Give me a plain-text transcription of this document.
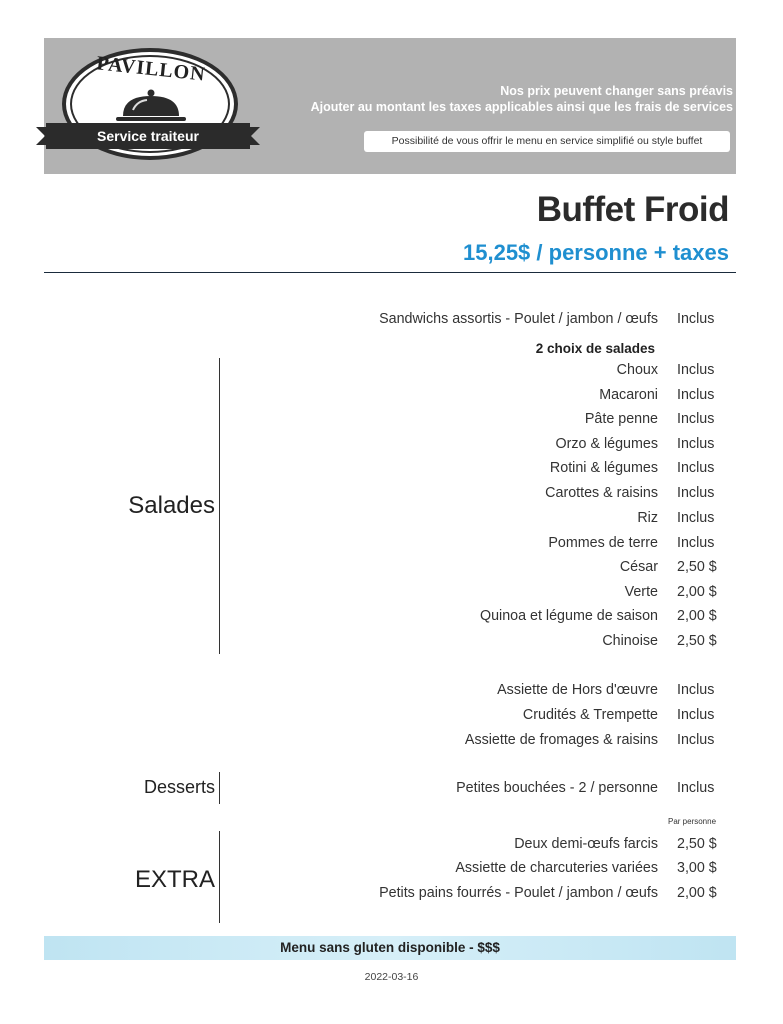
PAVILLON
Service traiteur
Nos prix peuvent changer sans préavis
Ajouter au montant les taxes applicables ainsi que les frais de services
Possibilité de vous offrir le menu en service simplifié ou style buffet
Buffet Froid
15,25$ / personne + taxes
Sandwichs assortis - Poulet / jambon / œufs Inclus
2 choix de salades
Salades
Choux Inclus
Macaroni Inclus
Pâte penne Inclus
Orzo & légumes Inclus
Rotini & légumes Inclus
Carottes & raisins Inclus
Riz Inclus
Pommes de terre Inclus
César 2,50 $
Verte 2,00 $
Quinoa et légume de saison 2,00 $
Chinoise 2,50 $
Assiette de Hors d'œuvre Inclus
Crudités & Trempette Inclus
Assiette de fromages & raisins Inclus
Desserts	Petites bouchées - 2 / personne Inclus
Par personne
EXTRA
Deux demi-œufs farcis 2,50 $
Assiette de charcuteries variées 3,00 $
Petits pains fourrés - Poulet / jambon / œufs 2,00 $
Menu sans gluten disponible - $$$
2022-03-16
